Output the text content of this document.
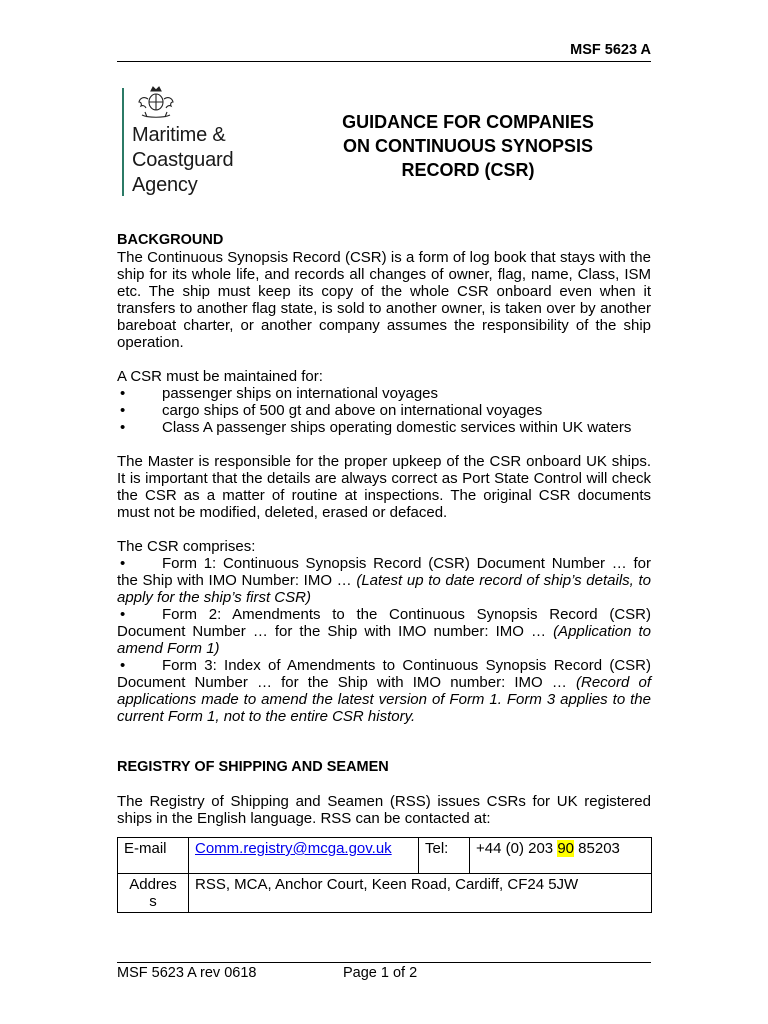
MSF 5623 A
Maritime &
Coastguard
Agency
GUIDANCE FOR COMPANIES
ON CONTINUOUS SYNOPSIS
RECORD (CSR)
BACKGROUND

The Continuous Synopsis Record (CSR) is a form of log book that stays with the ship for its whole life, and records all changes of owner, flag, name, Class, ISM etc. The ship must keep its copy of the whole CSR onboard even when it transfers to another flag state, is sold to another owner, is taken over by another bareboat charter, or another company assumes the responsibility of the ship operation.

A CSR must be maintained for:

•	passenger ships on international voyages
•	cargo ships of 500 gt and above on international voyages
•	Class A passenger ships operating domestic services within UK waters

The Master is responsible for the proper upkeep of the CSR onboard UK ships. It is important that the details are always correct as Port State Control will check the CSR as a matter of routine at inspections. The original CSR documents must not be modified, deleted, erased or defaced.

The CSR comprises:

• Form 1: Continuous Synopsis Record (CSR) Document Number … for the Ship with IMO Number: IMO … (Latest up to date record of ship’s details, to apply for the ship’s first CSR)
• Form 2: Amendments to the Continuous Synopsis Record (CSR) Document Number … for the Ship with IMO number: IMO … (Application to amend Form 1)
• Form 3: Index of Amendments to Continuous Synopsis Record (CSR) Document Number … for the Ship with IMO number: IMO … (Record of applications made to amend the latest version of Form 1. Form 3 applies to the current Form 1, not to the entire CSR history.
REGISTRY OF SHIPPING AND SEAMEN

The Registry of Shipping and Seamen (RSS) issues CSRs for UK registered ships in the English language. RSS can be contacted at:

E-mail	Comm.registry@mcga.gov.uk	Tel:	+44 (0) 203 90 85203

Addres
s	RSS, MCA, Anchor Court, Keen Road, Cardiff, CF24 5JW		
MSF 5623 A rev 0618	Page 1 of 2
